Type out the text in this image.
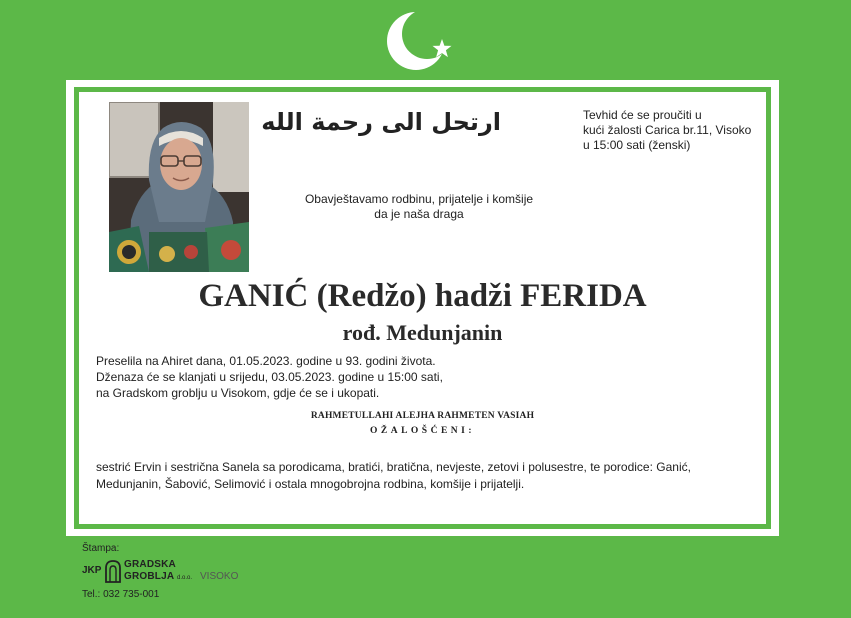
ارتحل الى رحمة الله	Tevhid će se proučiti u
kući žalosti Carica br.11, Visoko
u 15:00 sati (ženski)
Obavještavamo rodbinu, prijatelje i komšije
da je naša draga
GANIĆ (Redžo) hadži FERIDA
rođ. Medunjanin
Preselila na Ahiret dana, 01.05.2023. godine u 93. godini života.
Dženaza će se klanjati u srijedu, 03.05.2023. godine u 15:00 sati,
na Gradskom groblju u Visokom, gdje će se i ukopati.
RAHMETULLAHI ALEJHA RAHMETEN VASIAH
OŽALOŠĆENI:
sestrić Ervin i sestrična Sanela sa porodicama, bratići, bratična, nevjeste, zetovi i polusestre, te porodice: Ganić, Medunjanin, Šabović, Selimović i ostala mnogobrojna rodbina, komšije i prijatelji.
Štampa:
JKP
GRADSKA
GROBLJA d.o.o. VISOKO
Tel.: 032 735-001
